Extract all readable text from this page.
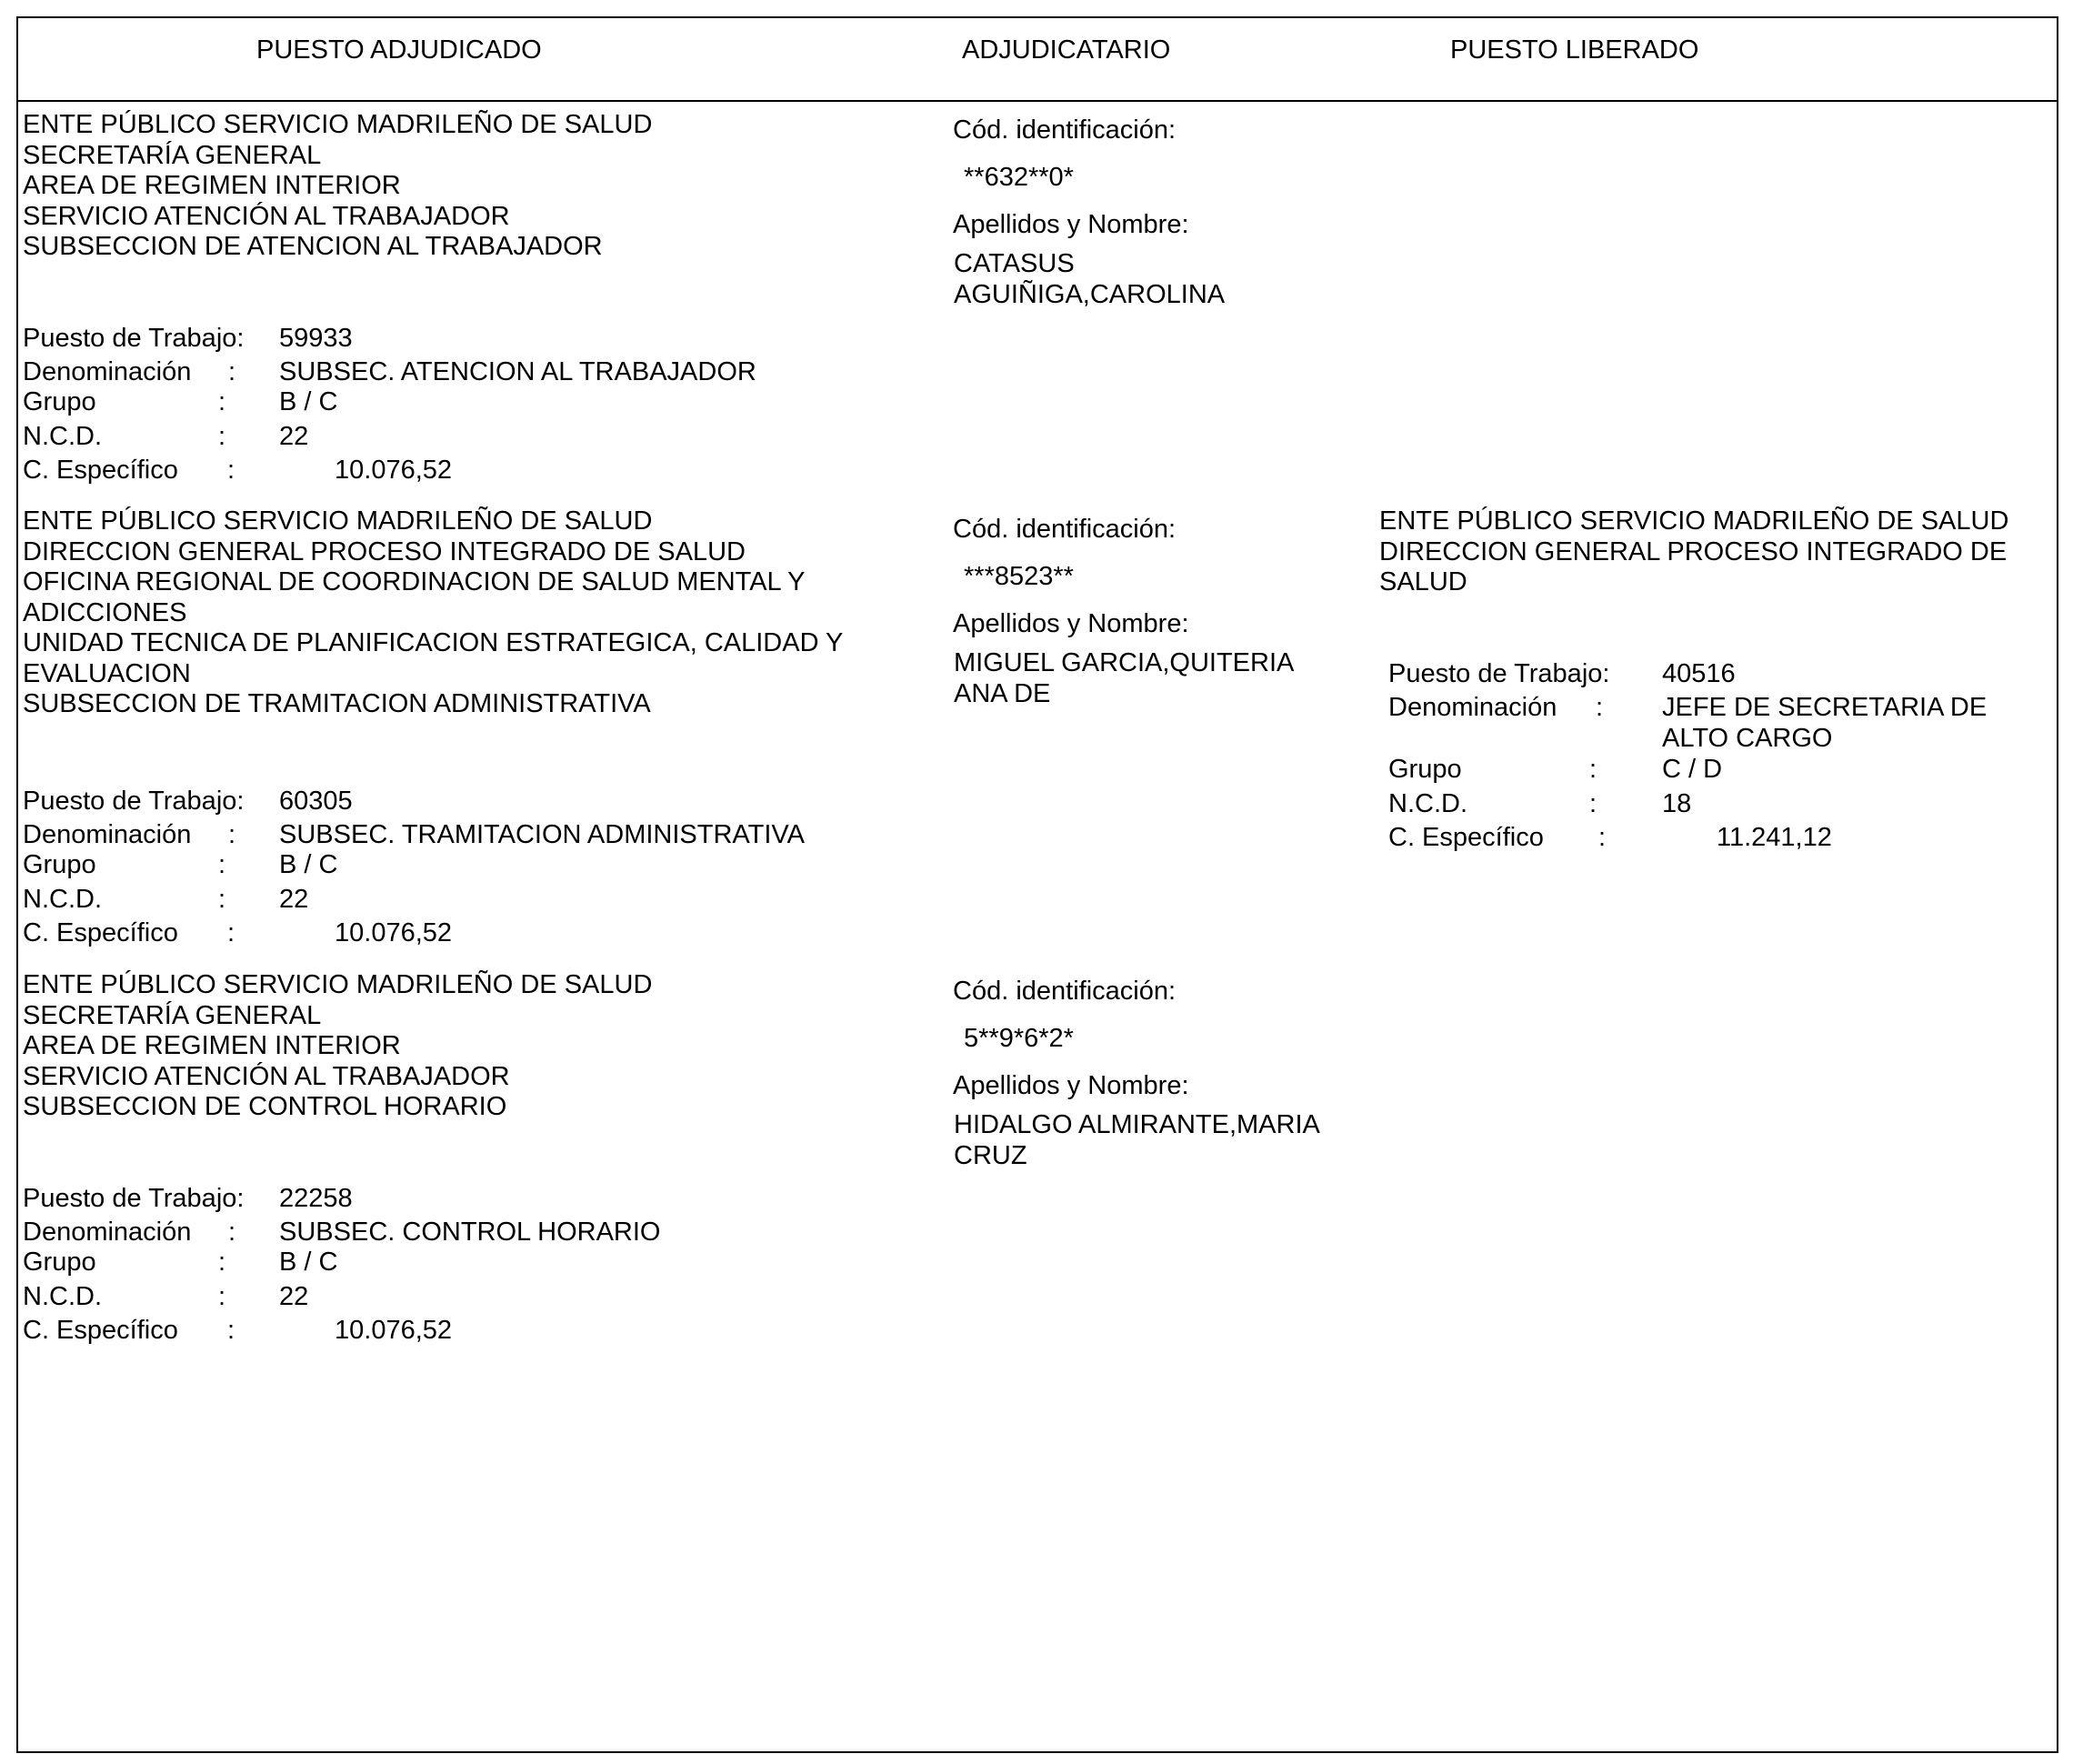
PUESTO ADJUDICADO	ADJUDICATARIO	PUESTO LIBERADO
ENTE PÚBLICO SERVICIO MADRILEÑO DE SALUD
SECRETARÍA GENERAL
AREA DE REGIMEN INTERIOR
SERVICIO ATENCIÓN AL TRABAJADOR
SUBSECCION DE ATENCION AL TRABAJADOR
Puesto de Trabajo: 59933
Denominación : SUBSEC. ATENCION AL TRABAJADOR
Grupo	: B / C
N.C.D.	: 22
C. Específico :	10.076,52
Cód. identificación:
**632**0*
Apellidos y Nombre:
CATASUS
AGUIÑIGA,CAROLINA
ENTE PÚBLICO SERVICIO MADRILEÑO DE SALUD
DIRECCION GENERAL PROCESO INTEGRADO DE SALUD
OFICINA REGIONAL DE COORDINACION DE SALUD MENTAL Y
ADICCIONES
UNIDAD TECNICA DE PLANIFICACION ESTRATEGICA, CALIDAD Y
EVALUACION
SUBSECCION DE TRAMITACION ADMINISTRATIVA
Puesto de Trabajo: 60305
Denominación : SUBSEC. TRAMITACION ADMINISTRATIVA
Grupo	: B / C
N.C.D.	: 22
C. Específico :	10.076,52
Cód. identificación:
***8523**
Apellidos y Nombre:
MIGUEL GARCIA,QUITERIA
ANA DE
ENTE PÚBLICO SERVICIO MADRILEÑO DE SALUD
DIRECCION GENERAL PROCESO INTEGRADO DE
SALUD
Puesto de Trabajo: 40516
Denominación : JEFE DE SECRETARIA DE
ALTO CARGO
Grupo	: C / D
N.C.D.	: 18
C. Específico :	11.241,12
ENTE PÚBLICO SERVICIO MADRILEÑO DE SALUD
SECRETARÍA GENERAL
AREA DE REGIMEN INTERIOR
SERVICIO ATENCIÓN AL TRABAJADOR
SUBSECCION DE CONTROL HORARIO
Puesto de Trabajo: 22258
Denominación : SUBSEC. CONTROL HORARIO
Grupo	: B / C
N.C.D.	: 22
C. Específico :	10.076,52
Cód. identificación:
5**9*6*2*
Apellidos y Nombre:
HIDALGO ALMIRANTE,MARIA
CRUZ
